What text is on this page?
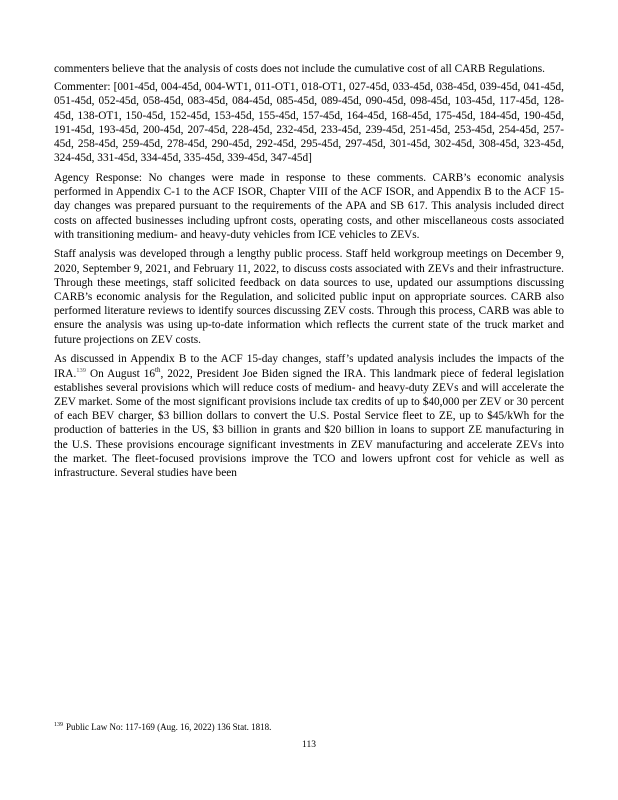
commenters believe that the analysis of costs does not include the cumulative cost of all CARB Regulations.

Commenter: [001-45d, 004-45d, 004-WT1, 011-OT1, 018-OT1, 027-45d, 033-45d, 038-45d, 039-45d, 041-45d, 051-45d, 052-45d, 058-45d, 083-45d, 084-45d, 085-45d, 089-45d, 090-45d, 098-45d, 103-45d, 117-45d, 128-45d, 138-OT1, 150-45d, 152-45d, 153-45d, 155-45d, 157-45d, 164-45d, 168-45d, 175-45d, 184-45d, 190-45d, 191-45d, 193-45d, 200-45d, 207-45d, 228-45d, 232-45d, 233-45d, 239-45d, 251-45d, 253-45d, 254-45d, 257-45d, 258-45d, 259-45d, 278-45d, 290-45d, 292-45d, 295-45d, 297-45d, 301-45d, 302-45d, 308-45d, 323-45d, 324-45d, 331-45d, 334-45d, 335-45d, 339-45d, 347-45d]

Agency Response: No changes were made in response to these comments. CARB’s economic analysis performed in Appendix C-1 to the ACF ISOR, Chapter VIII of the ACF ISOR, and Appendix B to the ACF 15-day changes was prepared pursuant to the requirements of the APA and SB 617. This analysis included direct costs on affected businesses including upfront costs, operating costs, and other miscellaneous costs associated with transitioning medium- and heavy-duty vehicles from ICE vehicles to ZEVs.

Staff analysis was developed through a lengthy public process. Staff held workgroup meetings on December 9, 2020, September 9, 2021, and February 11, 2022, to discuss costs associated with ZEVs and their infrastructure. Through these meetings, staff solicited feedback on data sources to use, updated our assumptions discussing CARB’s economic analysis for the Regulation, and solicited public input on appropriate sources. CARB also performed literature reviews to identify sources discussing ZEV costs. Through this process, CARB was able to ensure the analysis was using up-to-date information which reflects the current state of the truck market and future projections on ZEV costs.

As discussed in Appendix B to the ACF 15-day changes, staff’s updated analysis includes the impacts of the IRA.$^{139}$ On August 16th, 2022, President Joe Biden signed the IRA. This landmark piece of federal legislation establishes several provisions which will reduce costs of medium- and heavy-duty ZEVs and will accelerate the ZEV market. Some of the most significant provisions include tax credits of up to $40,000 per ZEV or 30 percent of each BEV charger, $3 billion dollars to convert the U.S. Postal Service fleet to ZE, up to $45/kWh for the production of batteries in the US, $3 billion in grants and $20 billion in loans to support ZE manufacturing in the U.S. These provisions encourage significant investments in ZEV manufacturing and accelerate ZEVs into the market. The fleet-focused provisions improve the TCO and lowers upfront cost for vehicle as well as infrastructure. Several studies have been

$^{139}$ Public Law No: 117-169 (Aug. 16, 2022) 136 Stat. 1818.
113
